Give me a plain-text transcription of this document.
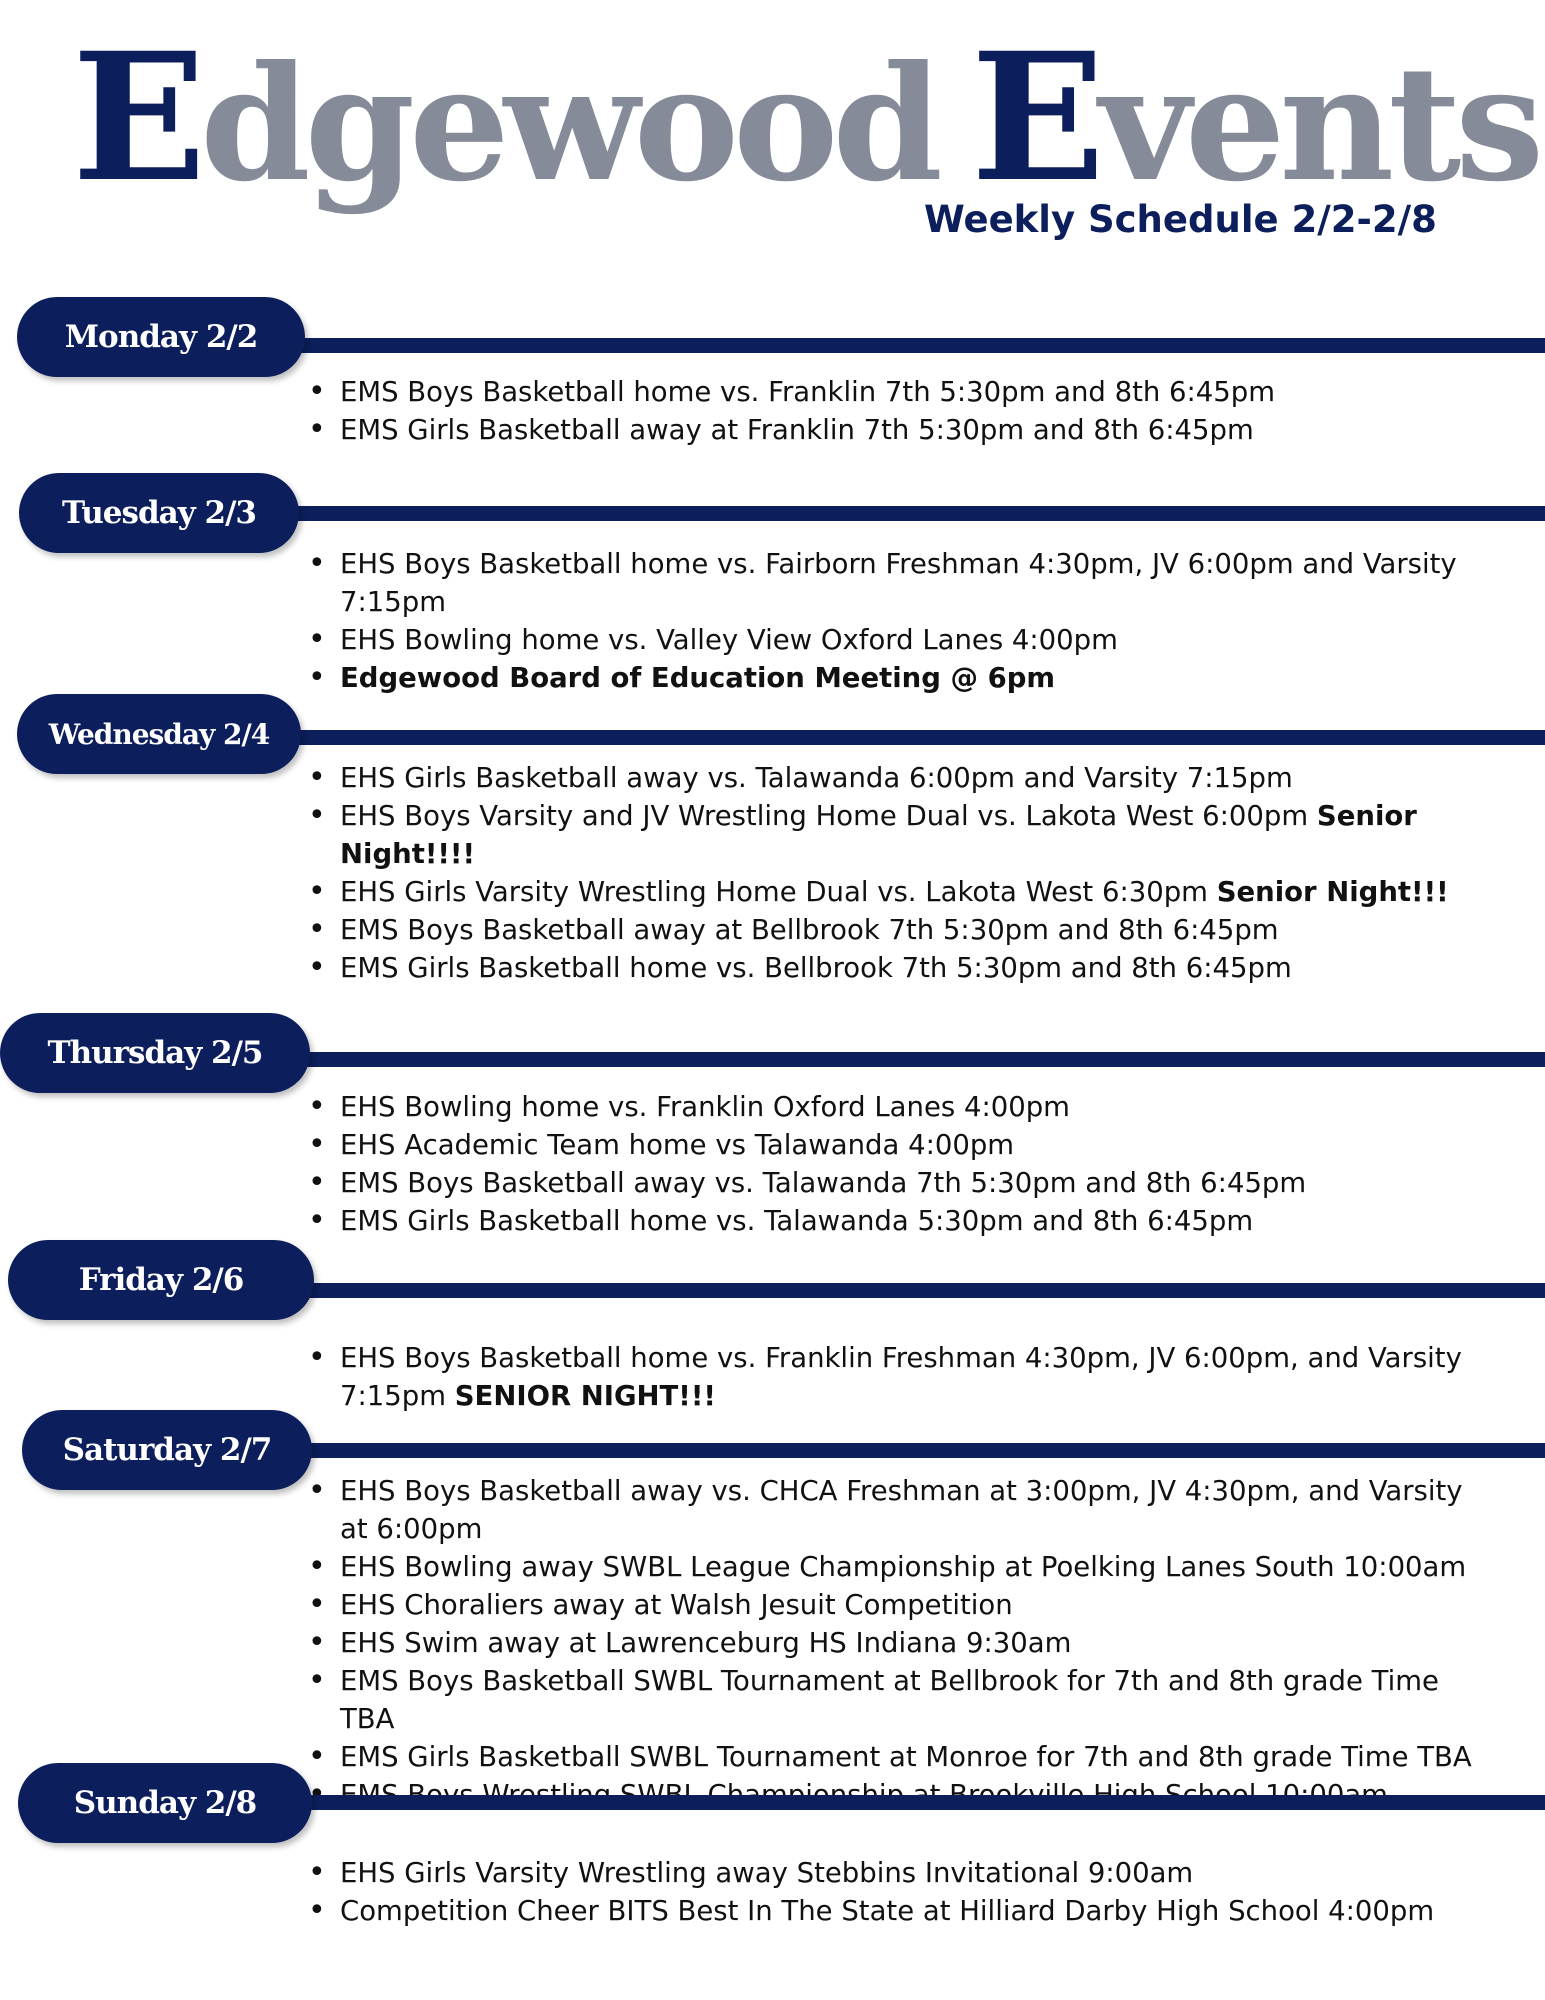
Edgewood Events

Weekly Schedule 2/2-2/8

Monday 2/2
• EMS Boys Basketball home vs. Franklin 7th 5:30pm and 8th 6:45pm
• EMS Girls Basketball away at Franklin 7th 5:30pm and 8th 6:45pm
Tuesday 2/3
• EHS Boys Basketball home vs. Fairborn Freshman 4:30pm, JV 6:00pm and Varsity 7:15pm
• EHS Bowling home vs. Valley View Oxford Lanes 4:00pm
• Edgewood Board of Education Meeting @ 6pm
Wednesday 2/4
• EHS Girls Basketball away vs. Talawanda 6:00pm and Varsity 7:15pm
• EHS Boys Varsity and JV Wrestling Home Dual vs. Lakota West 6:00pm Senior Night!!!!
• EHS Girls Varsity Wrestling Home Dual vs. Lakota West 6:30pm Senior Night!!!
• EMS Boys Basketball away at Bellbrook 7th 5:30pm and 8th 6:45pm
• EMS Girls Basketball home vs. Bellbrook 7th 5:30pm and 8th 6:45pm
Thursday 2/5
• EHS Bowling home vs. Franklin Oxford Lanes 4:00pm
• EHS Academic Team home vs Talawanda 4:00pm
• EMS Boys Basketball away vs. Talawanda 7th 5:30pm and 8th 6:45pm
• EMS Girls Basketball home vs. Talawanda 5:30pm and 8th 6:45pm
Friday 2/6
• EHS Boys Basketball home vs. Franklin Freshman 4:30pm, JV 6:00pm, and Varsity 7:15pm SENIOR NIGHT!!!
Saturday 2/7
• EHS Boys Basketball away vs. CHCA Freshman at 3:00pm, JV 4:30pm, and Varsity at 6:00pm
• EHS Bowling away SWBL League Championship at Poelking Lanes South 10:00am
• EHS Choraliers away at Walsh Jesuit Competition
• EHS Swim away at Lawrenceburg HS Indiana 9:30am
• EMS Boys Basketball SWBL Tournament at Bellbrook for 7th and 8th grade Time TBA
• EMS Girls Basketball SWBL Tournament at Monroe for 7th and 8th grade Time TBA
•
Sunday 2/8
• EHS Girls Varsity Wrestling away Stebbins Invitational 9:00am
• Competition Cheer BITS Best In The State at Hilliard Darby High School 4:00pm
